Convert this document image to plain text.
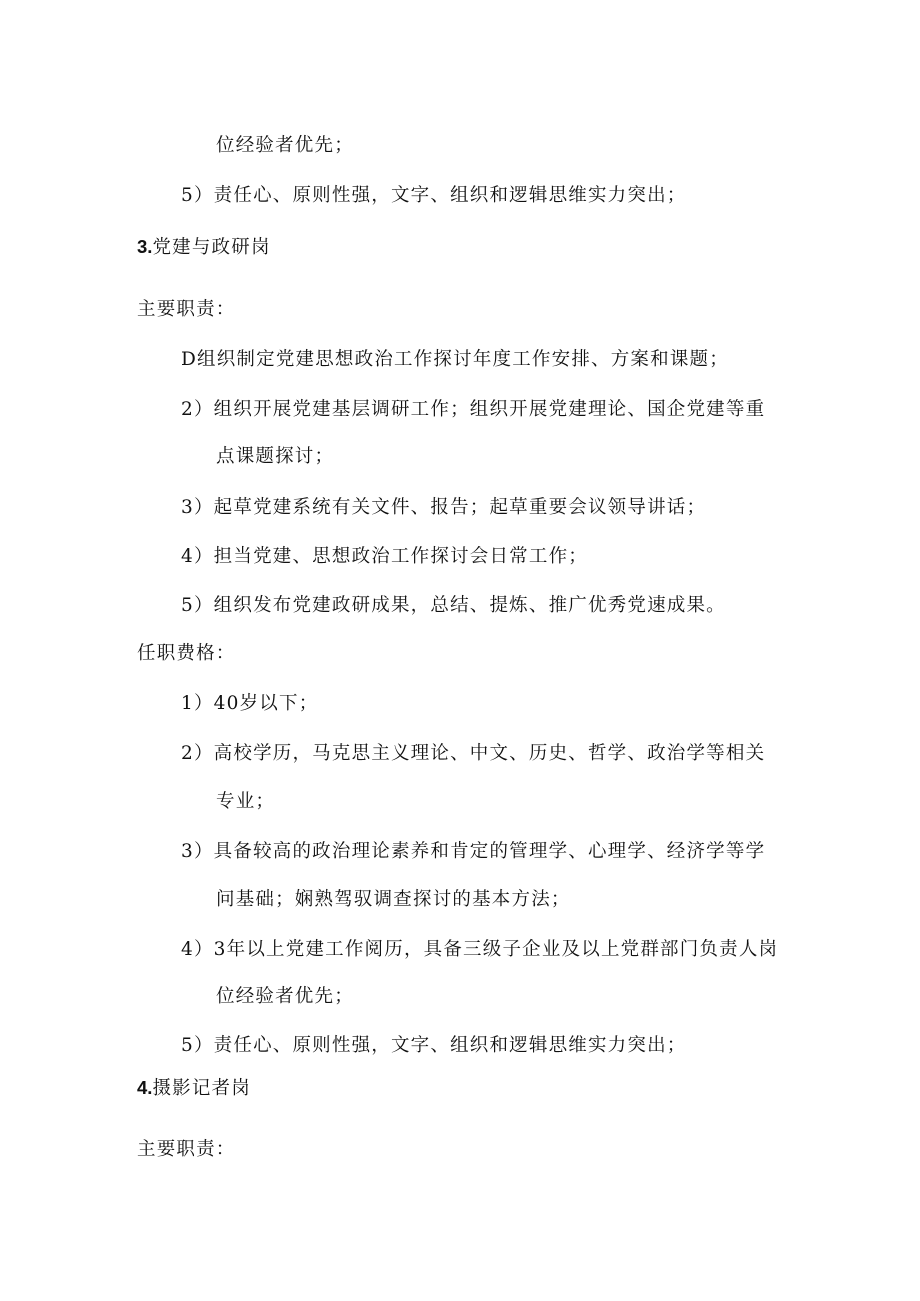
位经验者优先；

5）责任心、原则性强，文字、组织和逻辑思维实力突出；

3.党建与政研岗

主要职责：

D组织制定党建思想政治工作探讨年度工作安排、方案和课题；

2）组织开展党建基层调研工作；组织开展党建理论、国企党建等重

点课题探讨；

3）起草党建系统有关文件、报告；起草重要会议领导讲话；

4）担当党建、思想政治工作探讨会日常工作；

5）组织发布党建政研成果，总结、提炼、推广优秀党速成果。

任职费格：

1）40岁以下；

2）高校学历，马克思主义理论、中文、历史、哲学、政治学等相关

专业；

3）具备较高的政治理论素养和肯定的管理学、心理学、经济学等学

问基础；娴熟驾驭调查探讨的基本方法；

4）3年以上党建工作阅历，具备三级子企业及以上党群部门负责人岗

位经验者优先；

5）责任心、原则性强，文字、组织和逻辑思维实力突出；

4.摄影记者岗

主要职责：
